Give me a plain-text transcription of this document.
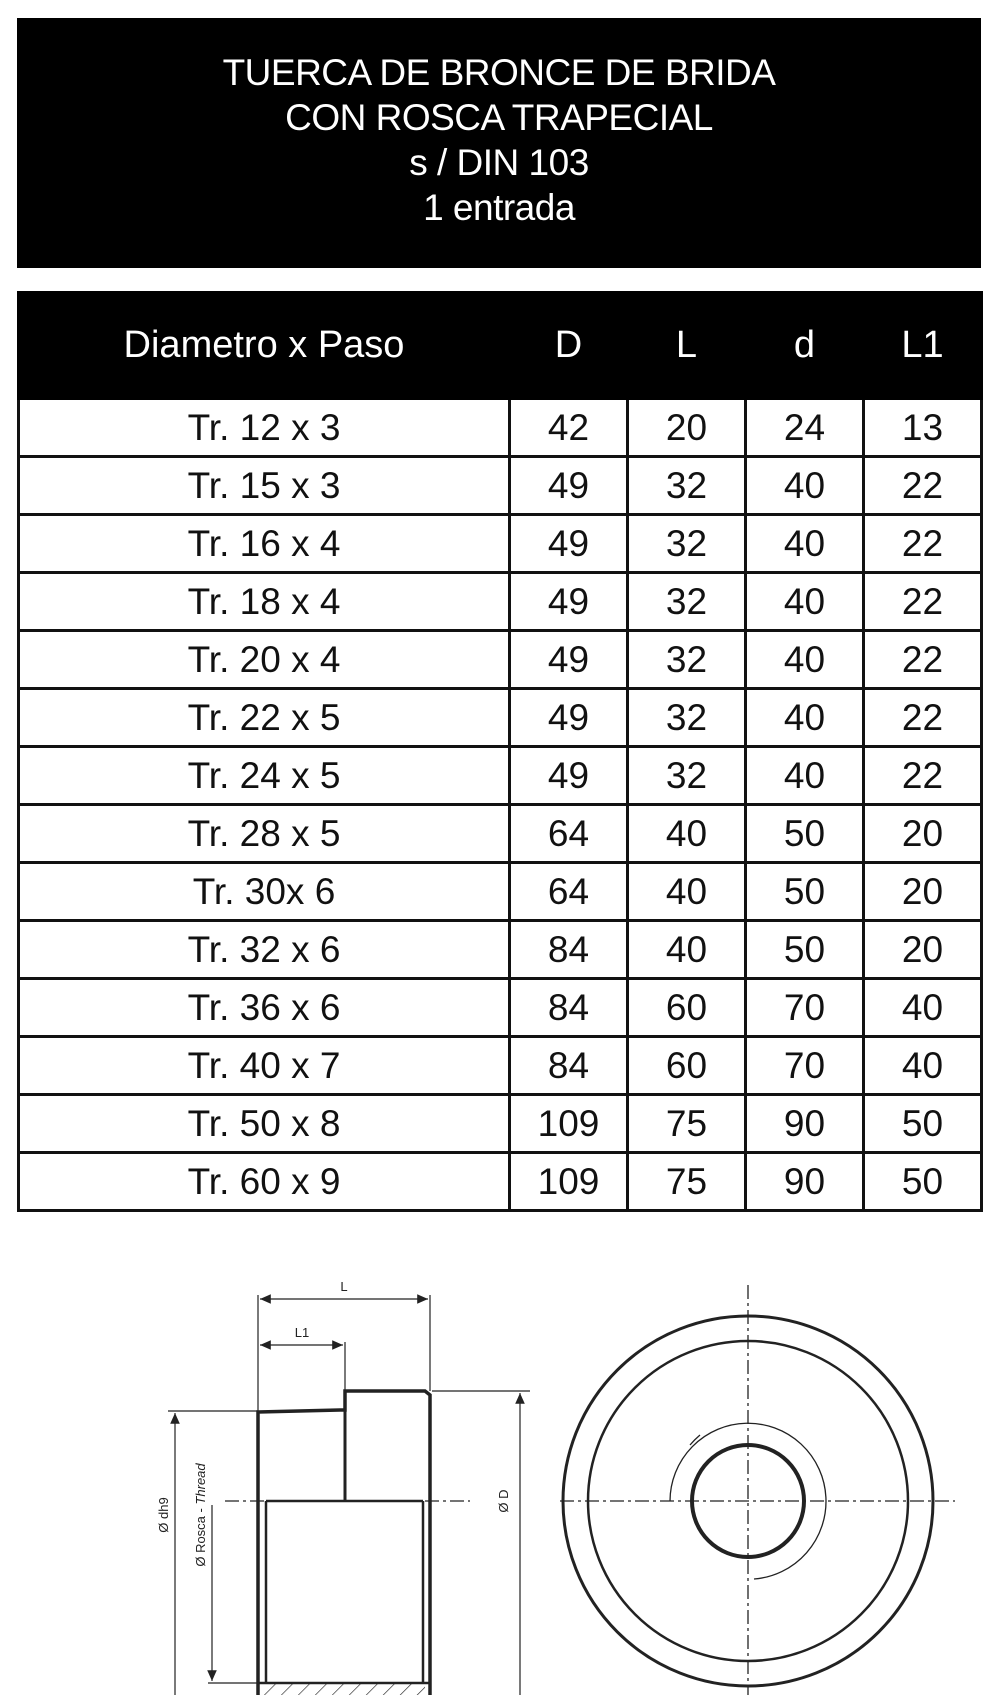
TUERCA DE BRONCE DE BRIDA
CON ROSCA TRAPECIAL
s / DIN 103
1 entrada
Diametro x Paso	D	L	d	L1
Tr. 12 x 3	42	20	24	13
Tr. 15 x 3	49	32	40	22
Tr. 16 x 4	49	32	40	22
Tr. 18 x 4	49	32	40	22
Tr. 20 x 4	49	32	40	22
Tr. 22 x 5	49	32	40	22
Tr. 24 x 5	49	32	40	22
Tr. 28 x 5	64	40	50	20
Tr. 30x 6	64	40	50	20
Tr. 32 x 6	84	40	50	20
Tr. 36 x 6	84	60	70	40
Tr. 40 x 7	84	60	70	40
Tr. 50 x 8	109	75	90	50
Tr. 60 x 9	109	75	90	50
L
L1
Ø dh9 Ø Rosca - Thread	Ø D
